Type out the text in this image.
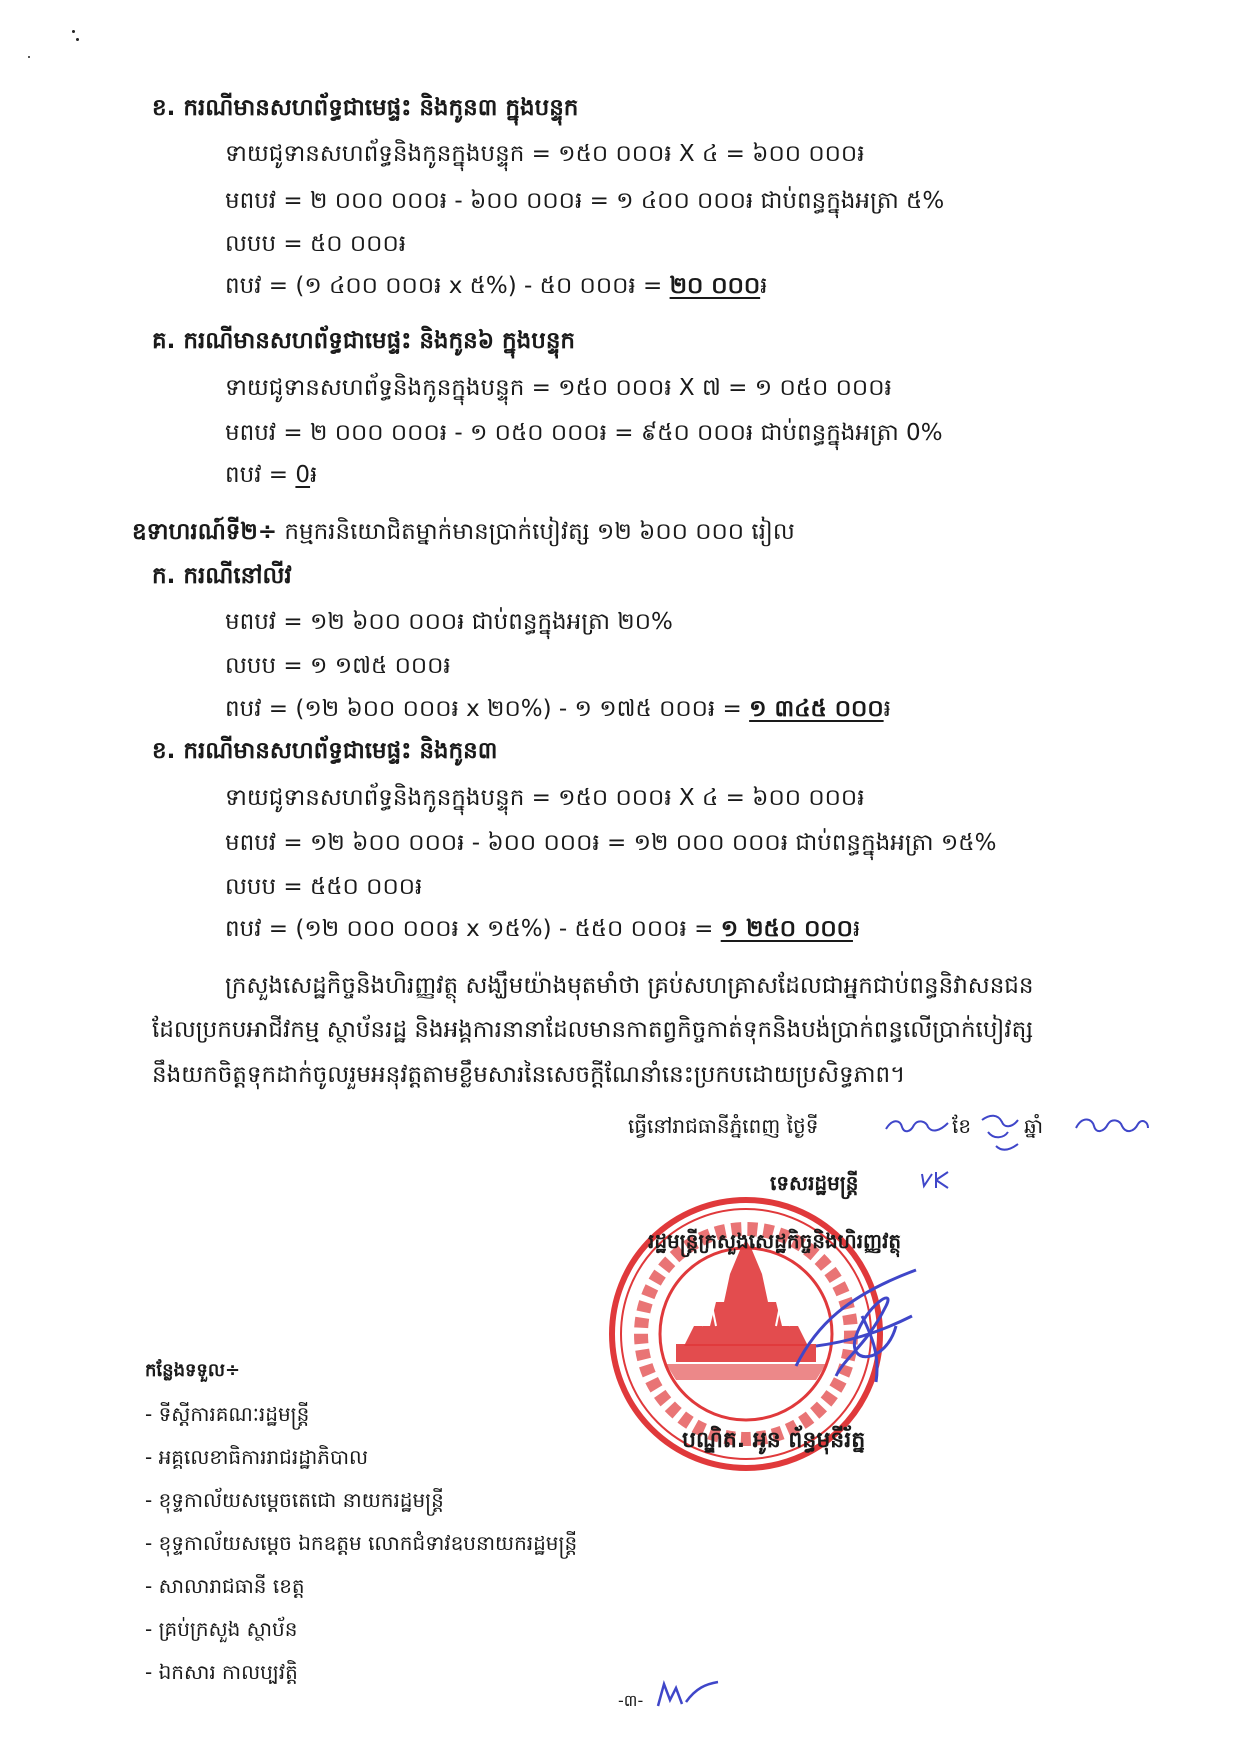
ខ. ករណីមានសហព័ទ្ធជាមេផ្ទះ និងកូន៣ ក្នុងបន្ទុក
ទាយជូទានសហព័ទ្ធនិងកូនក្នុងបន្ទុក = ១៥០ ០០០៛ X ៤ = ៦០០ ០០០៛
មពបវ = ២ ០០០ ០០០៛ - ៦០០ ០០០៛ = ១ ៤០០ ០០០៛ ជាប់ពន្ធក្នុងអត្រា ៥%
លបប = ៥០ ០០០៛
ពបវ = (១ ៤០០ ០០០៛ x ៥%) - ៥០ ០០០៛ = ២០ ០០០៛
គ. ករណីមានសហព័ទ្ធជាមេផ្ទះ និងកូន៦ ក្នុងបន្ទុក
ទាយជូទានសហព័ទ្ធនិងកូនក្នុងបន្ទុក = ១៥០ ០០០៛ X ៧ = ១ ០៥០ ០០០៛
មពបវ = ២ ០០០ ០០០៛ - ១ ០៥០ ០០០៛ = ៩៥០ ០០០៛ ជាប់ពន្ធក្នុងអត្រា 0%
ពបវ = 0៛
ឧទាហរណ៍ទី២÷ កម្មករនិយោជិតម្នាក់មានប្រាក់បៀវត្ស ១២ ៦០០ ០០០ រៀល
ក. ករណីនៅលីវ
មពបវ = ១២ ៦០០ ០០០៛ ជាប់ពន្ធក្នុងអត្រា ២០%
លបប = ១ ១៧៥ ០០០៛
ពបវ = (១២ ៦០០ ០០០៛ x ២០%) - ១ ១៧៥ ០០០៛ = ១ ៣៤៥ ០០០៛
ខ. ករណីមានសហព័ទ្ធជាមេផ្ទះ និងកូន៣
ទាយជូទានសហព័ទ្ធនិងកូនក្នុងបន្ទុក = ១៥០ ០០០៛ X ៤ = ៦០០ ០០០៛
មពបវ = ១២ ៦០០ ០០០៛ - ៦០០ ០០០៛ = ១២ ០០០ ០០០៛ ជាប់ពន្ធក្នុងអត្រា ១៥%
លបប = ៥៥០ ០០០៛
ពបវ = (១២ ០០០ ០០០៛ x ១៥%) - ៥៥០ ០០០៛ = ១ ២៥០ ០០០៛
ក្រសួងសេដ្ឋកិច្ចនិងហិរញ្ញវត្ថុ សង្ឃឹមយ៉ាងមុតមាំថា គ្រប់សហគ្រាសដែលជាអ្នកជាប់ពន្ធនិវាសនជន
ដែលប្រកបអាជីវកម្ម ស្ថាប័នរដ្ឋ និងអង្គការនានាដែលមានកាតព្វកិច្ចកាត់ទុកនិងបង់ប្រាក់ពន្ធលើប្រាក់បៀវត្ស
នឹងយកចិត្តទុកដាក់ចូលរួមអនុវត្តតាមខ្លឹមសារនៃសេចក្ដីណែនាំនេះប្រកបដោយប្រសិទ្ធភាព។
ធ្វើនៅរាជធានីភ្នំពេញ ថ្ងៃទី	ខែ	ឆ្នាំ
ទេសរដ្ឋមន្ត្រី
រដ្ឋមន្ត្រីក្រសួងសេដ្ឋកិច្ចនិងហិរញ្ញវត្ថុ
បណ្ឌិត. អូន ព័ន្ធមុនីរ័ត្ន
កន្លែងទទួល÷
- ទីស្ដីការគណៈរដ្ឋមន្ត្រី
- អគ្គលេខាធិការរាជរដ្ឋាភិបាល
- ខុទ្ទកាល័យសម្ដេចតេជោ នាយករដ្ឋមន្ត្រី
- ខុទ្ទកាល័យសម្ដេច ឯកឧត្ដម លោកជំទាវឧបនាយករដ្ឋមន្ត្រី
- សាលារាជធានី ខេត្ត
- គ្រប់ក្រសួង ស្ថាប័ន
- ឯកសារ កាលប្បវត្តិ
-៣-
